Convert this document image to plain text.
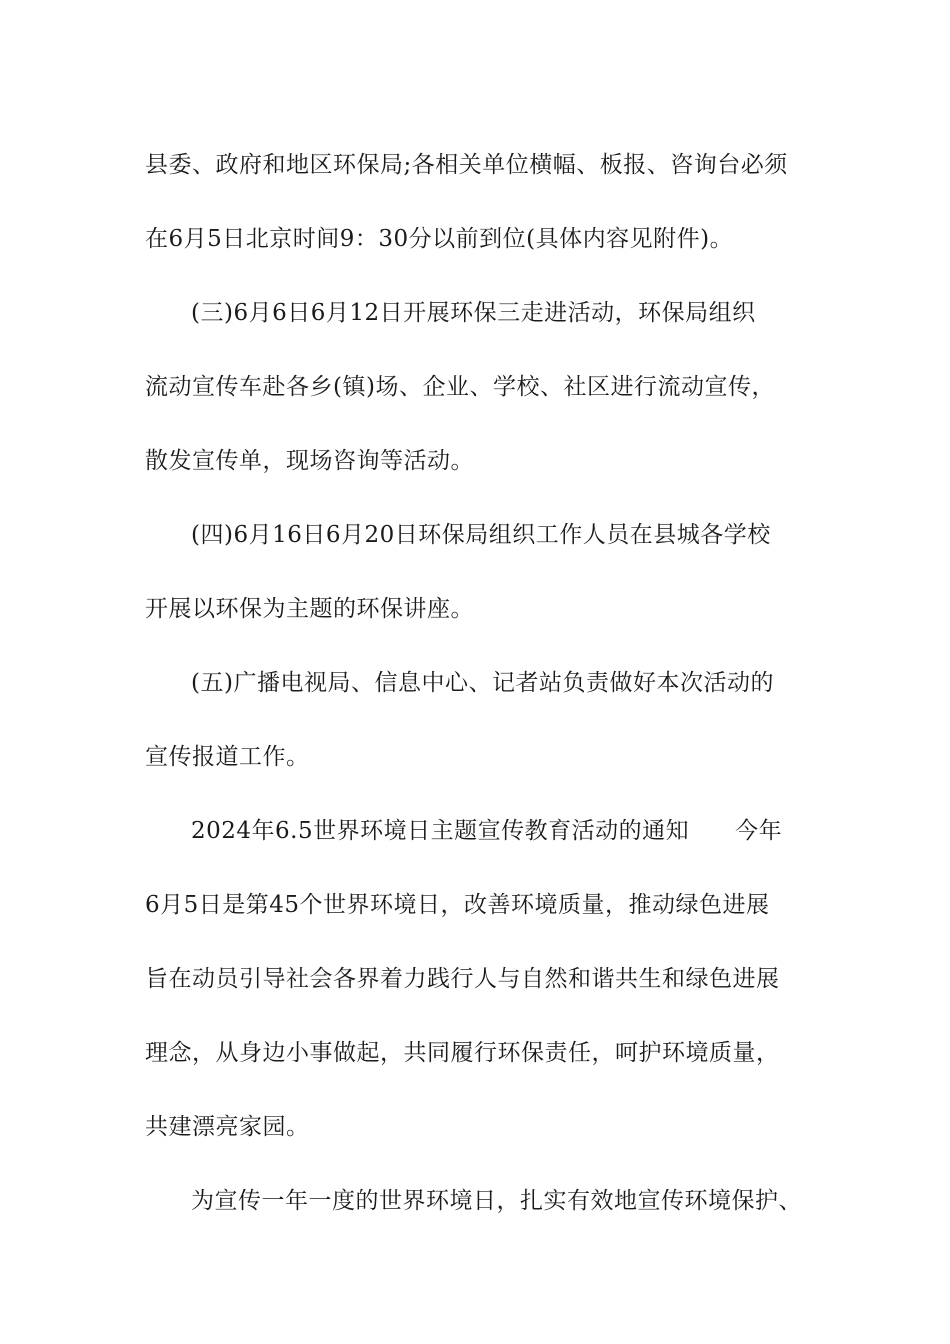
县委、政府和地区环保局;各相关单位横幅、板报、咨询台必须
在6月5日北京时间9：30分以前到位(具体内容见附件)。

(三)6月6日6月12日开展环保三走进活动，环保局组织
流动宣传车赴各乡(镇)场、企业、学校、社区进行流动宣传，
散发宣传单，现场咨询等活动。

(四)6月16日6月20日环保局组织工作人员在县城各学校
开展以环保为主题的环保讲座。

(五)广播电视局、信息中心、记者站负责做好本次活动的
宣传报道工作。

2024年6.5世界环境日主题宣传教育活动的通知 今年
6月5日是第45个世界环境日，改善环境质量，推动绿色进展
旨在动员引导社会各界着力践行人与自然和谐共生和绿色进展
理念，从身边小事做起，共同履行环保责任，呵护环境质量，
共建漂亮家园。

为宣传一年一度的世界环境日，扎实有效地宣传环境保护、
